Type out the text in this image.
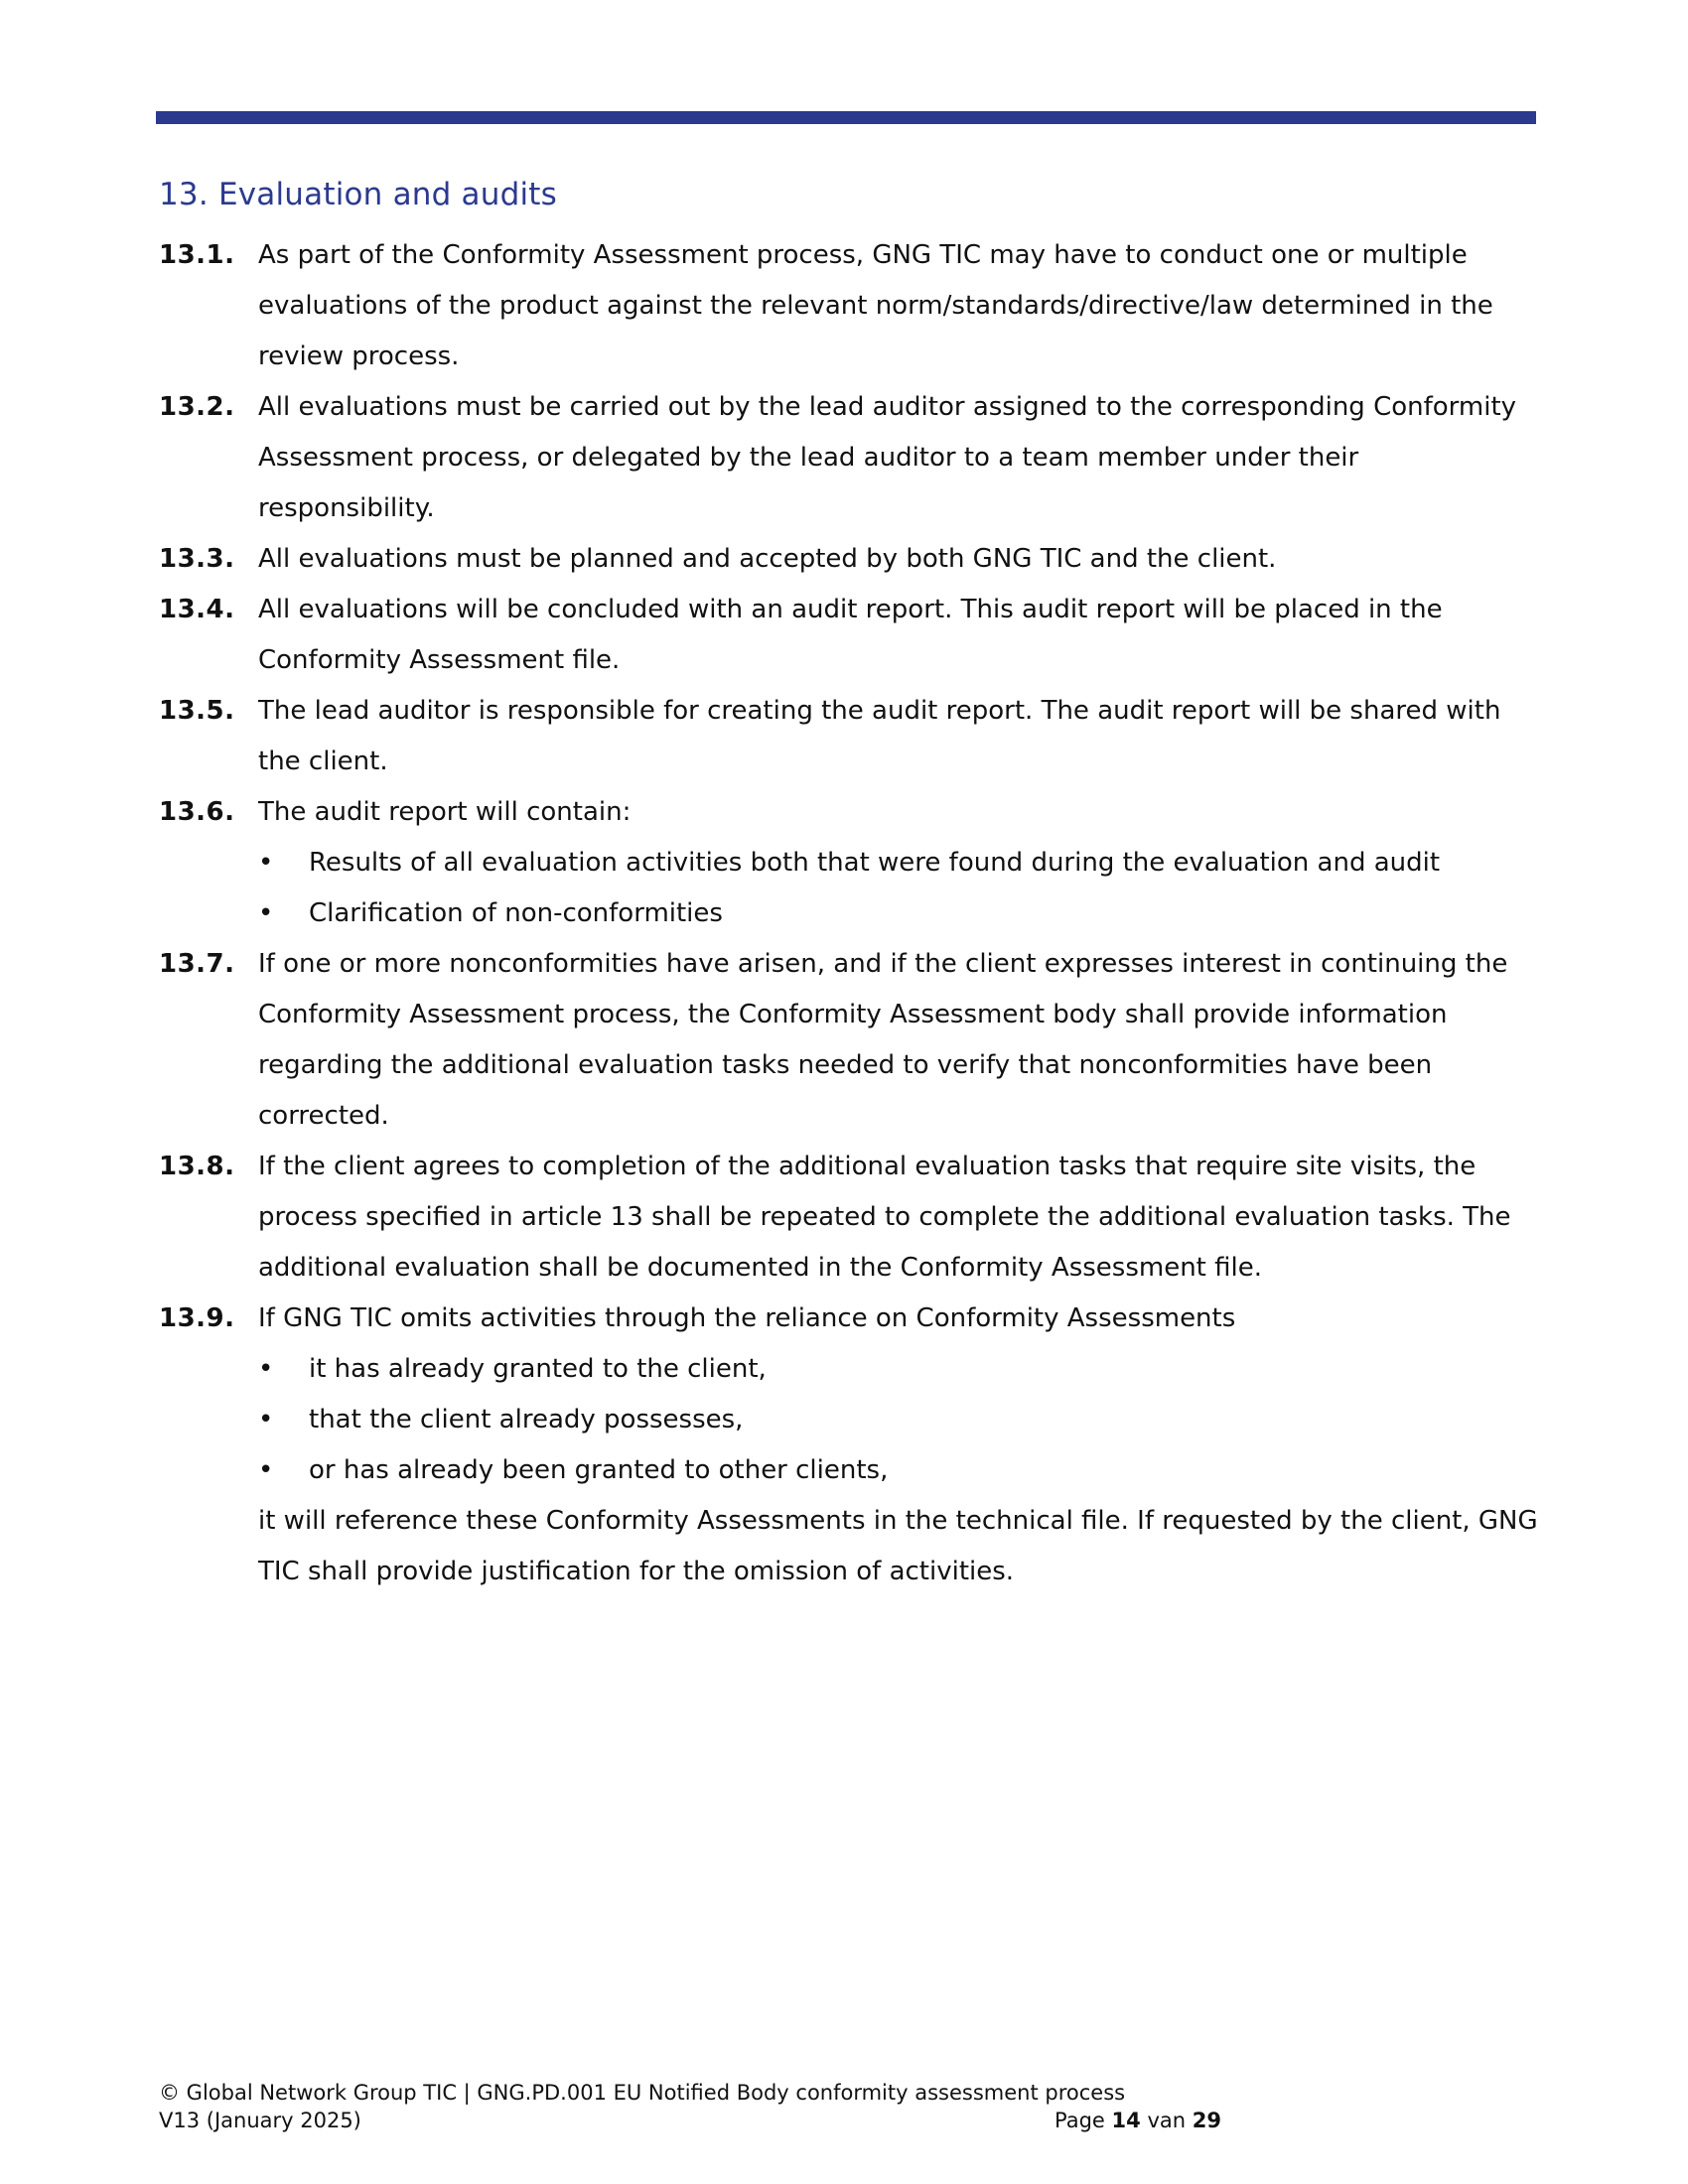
13. Evaluation and audits
13.1. As part of the Conformity Assessment process, GNG TIC may have to conduct one or multiple evaluations of the product against the relevant norm/standards/directive/law determined in the review process.
13.2. All evaluations must be carried out by the lead auditor assigned to the corresponding Conformity Assessment process, or delegated by the lead auditor to a team member under their responsibility.
13.3. All evaluations must be planned and accepted by both GNG TIC and the client.
13.4. All evaluations will be concluded with an audit report. This audit report will be placed in the Conformity Assessment file.
13.5. The lead auditor is responsible for creating the audit report. The audit report will be shared with the client.
13.6. The audit report will contain:
• Results of all evaluation activities both that were found during the evaluation and audit
• Clarification of non-conformities
13.7. If one or more nonconformities have arisen, and if the client expresses interest in continuing the Conformity Assessment process, the Conformity Assessment body shall provide information regarding the additional evaluation tasks needed to verify that nonconformities have been corrected.
13.8. If the client agrees to completion of the additional evaluation tasks that require site visits, the process specified in article 13 shall be repeated to complete the additional evaluation tasks. The additional evaluation shall be documented in the Conformity Assessment file.
13.9. If GNG TIC omits activities through the reliance on Conformity Assessments
• it has already granted to the client,
• that the client already possesses,
• or has already been granted to other clients,
it will reference these Conformity Assessments in the technical file. If requested by the client, GNG TIC shall provide justification for the omission of activities.
© Global Network Group TIC | GNG.PD.001 EU Notified Body conformity assessment process
V13 (January 2025)	Page 14 van 29
